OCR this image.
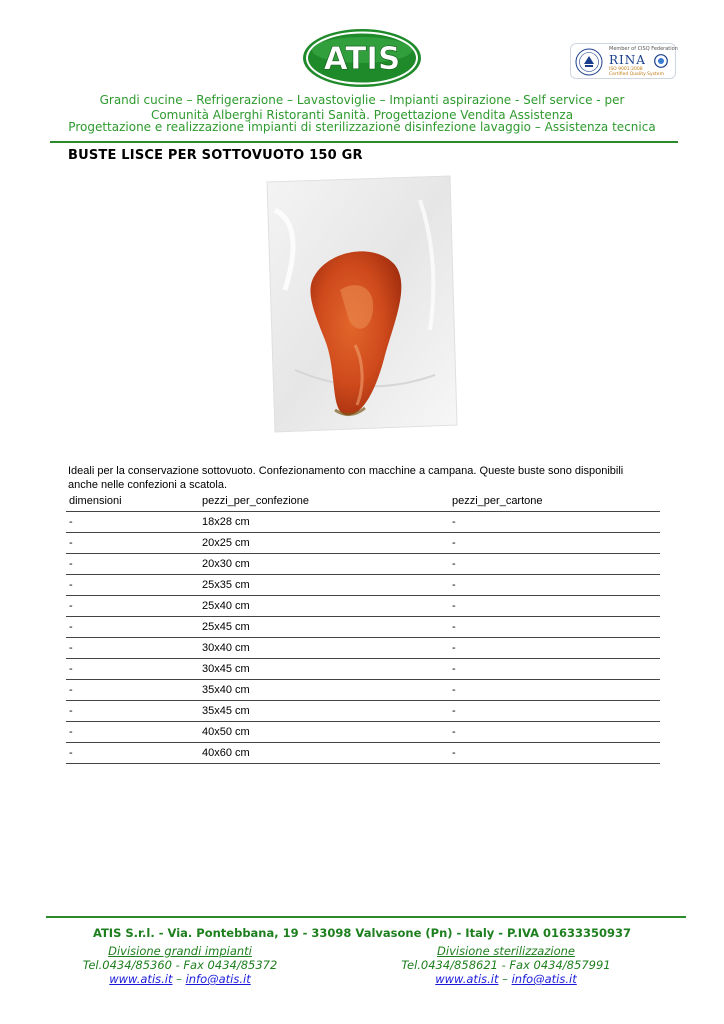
ATIS	Member of CISQ Federation
RINA
ISO 9001:2008
Certified Quality System
Grandi cucine – Refrigerazione – Lavastoviglie – Impianti aspirazione - Self service - per
Comunità Alberghi Ristoranti Sanità. Progettazione Vendita Assistenza
Progettazione e realizzazione impianti di sterilizzazione disinfezione lavaggio – Assistenza tecnica
BUSTE LISCE PER SOTTOVUOTO 150 GR

Ideali per la conservazione sottovuoto. Confezionamento con macchine a campana. Queste buste sono disponibili anche nelle confezioni a scatola.

dimensioni	pezzi_per_confezione	pezzi_per_cartone
-	18x28 cm	-
-	20x25 cm	-
-	20x30 cm	-
-	25x35 cm	-
-	25x40 cm	-
-	25x45 cm	-
-	30x40 cm	-
-	30x45 cm	-
-	35x40 cm	-
-	35x45 cm	-
-	40x50 cm	-
-	40x60 cm	-
ATIS S.r.l. - Via. Pontebbana, 19 - 33098 Valvasone (Pn) - Italy - P.IVA 01633350937
Divisione grandi impianti
Tel.0434/85360 - Fax 0434/85372
www.atis.it – info@atis.it
Divisione sterilizzazione
Tel.0434/858621 - Fax 0434/857991
www.atis.it – info@atis.it
